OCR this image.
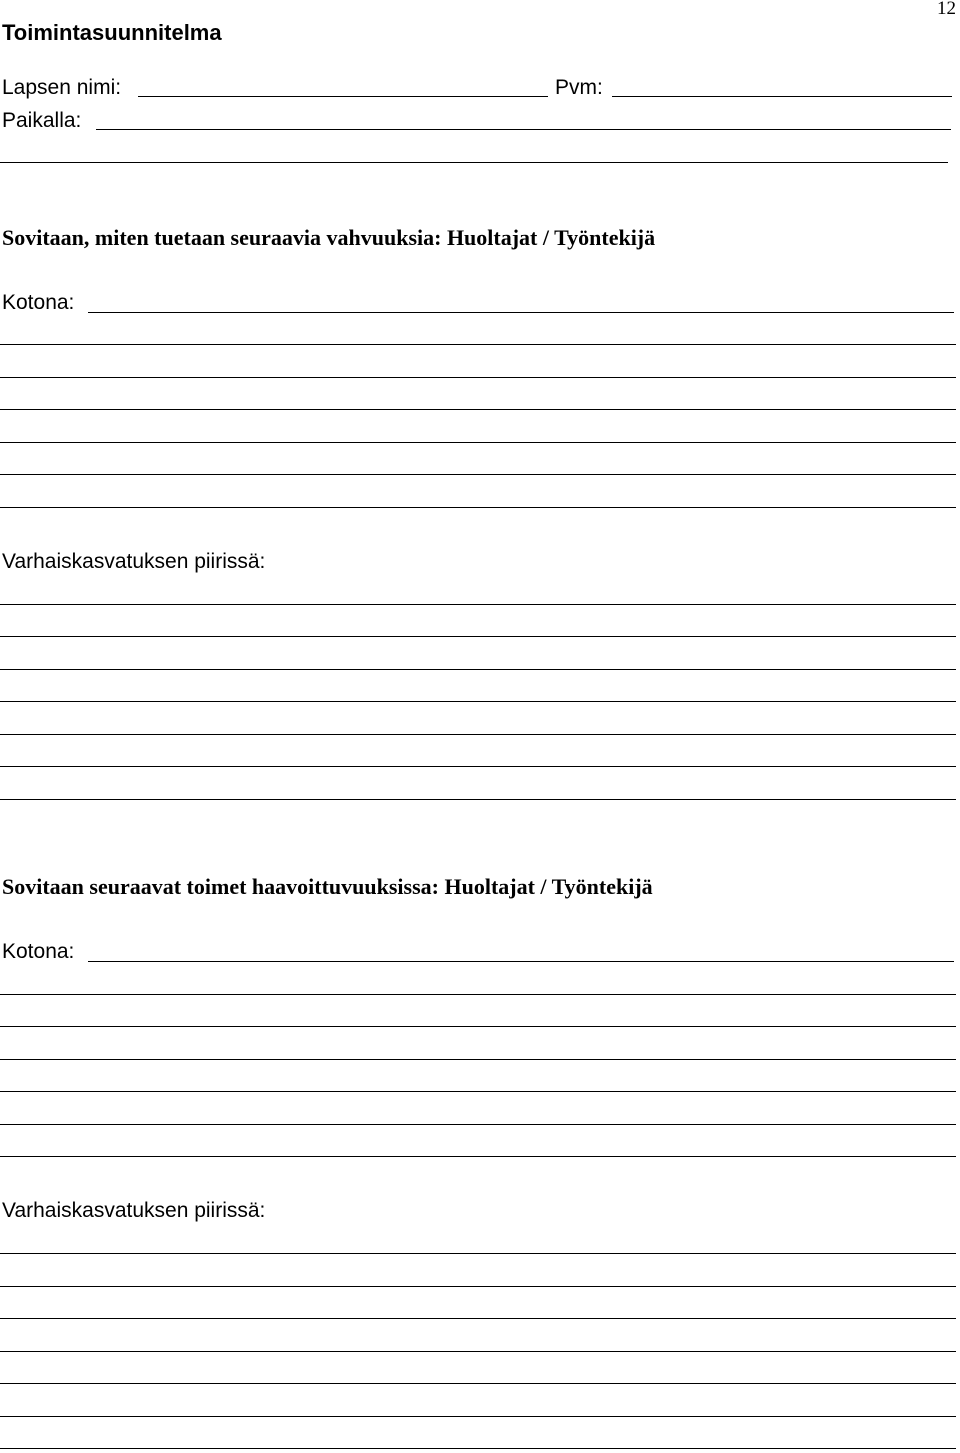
Toimintasuunnitelma
12
Lapsen nimi:	Pvm:
Paikalla:
Sovitaan, miten tuetaan seuraavia vahvuuksia: Huoltajat / Työntekijä
Kotona:
Varhaiskasvatuksen piirissä:
Sovitaan seuraavat toimet haavoittuvuuksissa: Huoltajat / Työntekijä
Kotona:
Varhaiskasvatuksen piirissä:
